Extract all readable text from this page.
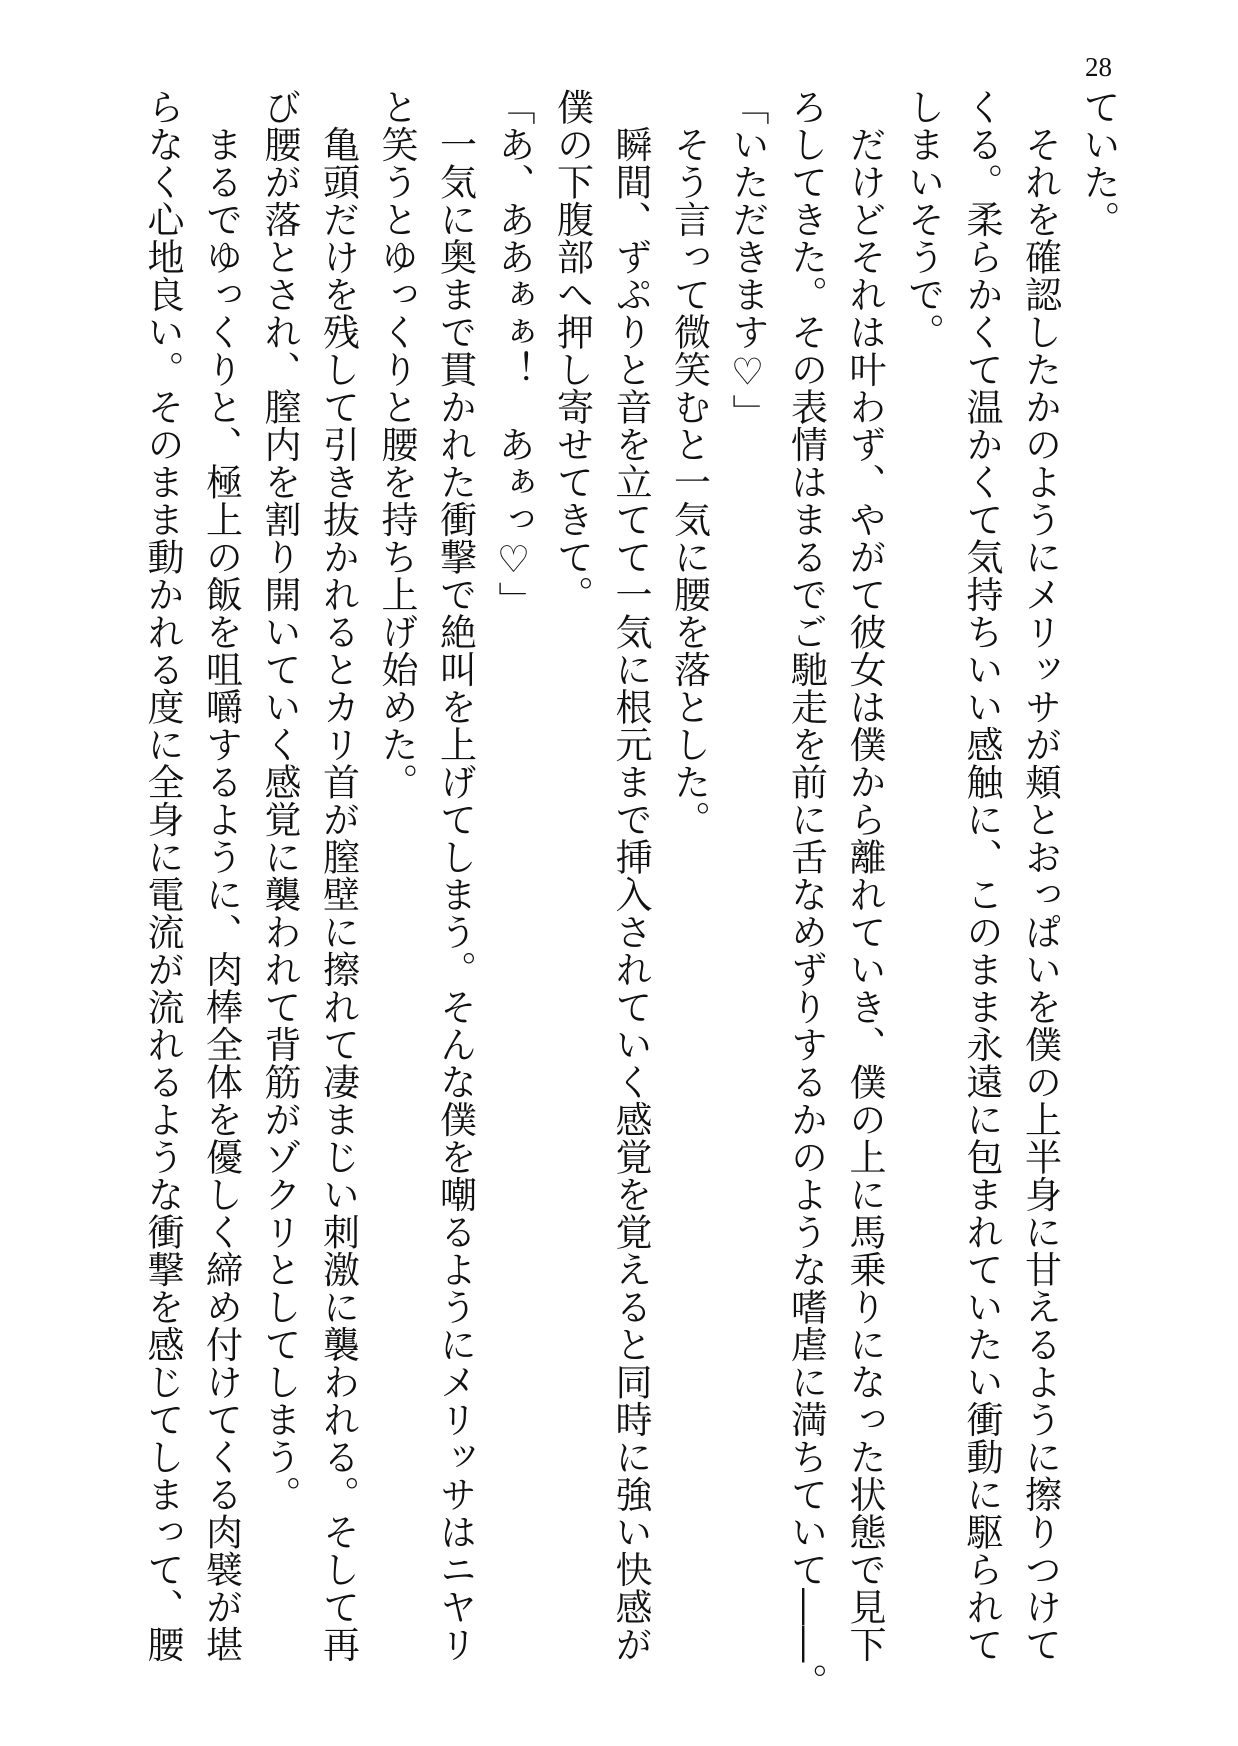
28

ていた。

　それを確認したかのようにメリッサが頬とおっぱいを僕の上半身に甘えるように擦りつけて

くる。柔らかくて温かくて気持ちいい感触に、このまま永遠に包まれていたい衝動に駆られて

しまいそうで。

　だけどそれは叶わず、やがて彼女は僕から離れていき、僕の上に馬乗りになった状態で見下

ろしてきた。その表情はまるでご馳走を前に舌なめずりするかのような嗜虐に満ちていて――。

「いただきます♡」

　そう言って微笑むと一気に腰を落とした。

　瞬間、ずぷりと音を立てて一気に根元まで挿入されていく感覚を覚えると同時に強い快感が

僕の下腹部へ押し寄せてきて。

「あ、ああぁぁ！　あぁっ♡」

　一気に奥まで貫かれた衝撃で絶叫を上げてしまう。そんな僕を嘲るようにメリッサはニヤリ

と笑うとゆっくりと腰を持ち上げ始めた。

　亀頭だけを残して引き抜かれるとカリ首が膣壁に擦れて凄まじい刺激に襲われる。そして再

び腰が落とされ、膣内を割り開いていく感覚に襲われて背筋がゾクリとしてしまう。

　まるでゆっくりと、極上の飯を咀嚼するように、肉棒全体を優しく締め付けてくる肉襞が堪

らなく心地良い。そのまま動かれる度に全身に電流が流れるような衝撃を感じてしまって、腰
